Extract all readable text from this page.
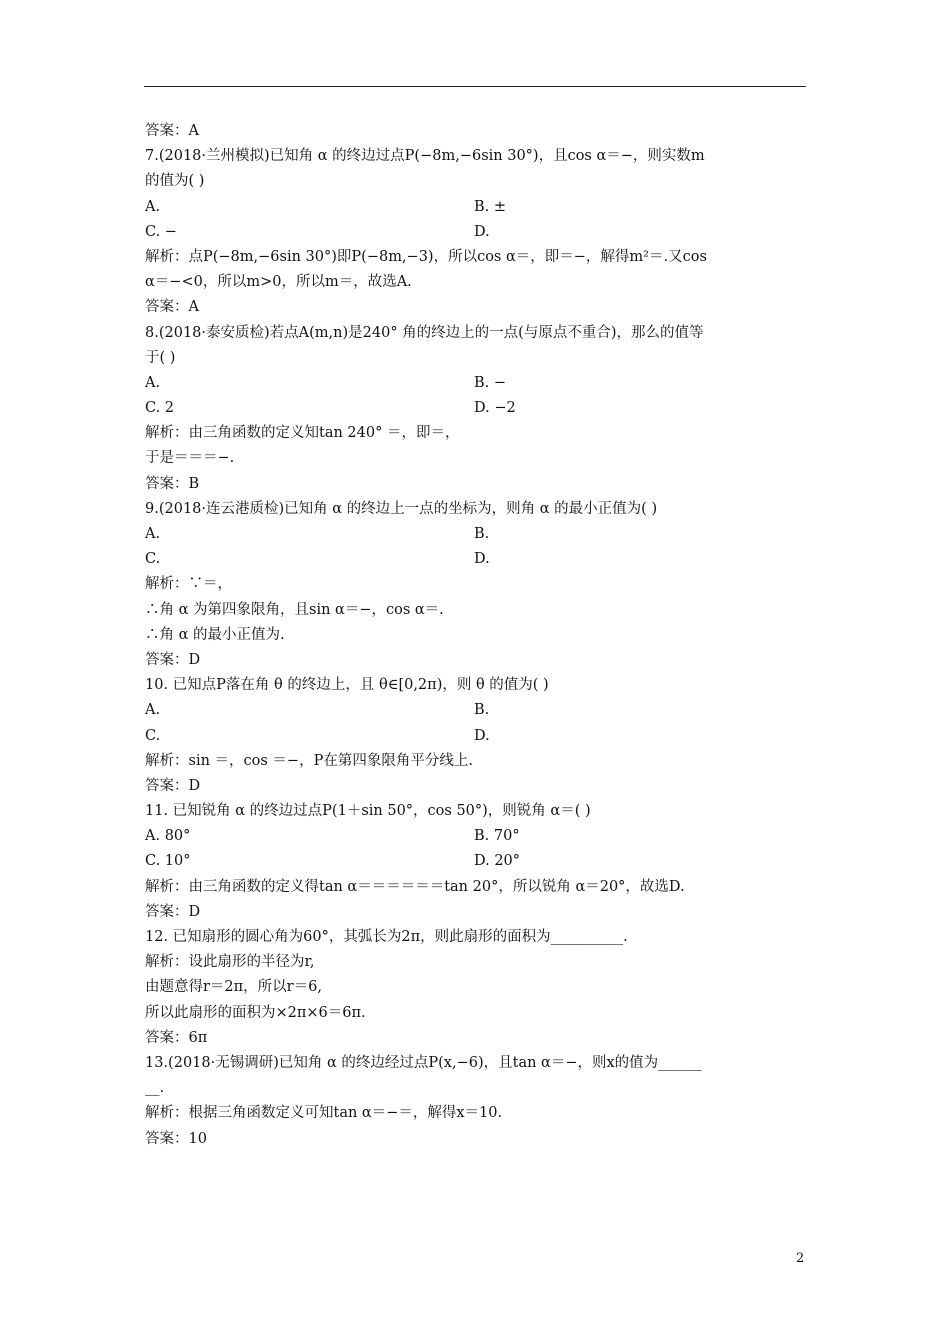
答案：A
7.(2018·兰州模拟)已知角 α 的终边过点P(−8m,−6sin 30°)，且cos α＝−，则实数m
的值为( )
A.	B. ±
C. −	D.
解析：点P(−8m,−6sin 30°)即P(−8m,−3)，所以cos α＝，即＝−，解得m²＝.又cos
α＝−<0，所以m>0，所以m＝，故选A.
答案：A
8.(2018·泰安质检)若点A(m,n)是240° 角的终边上的一点(与原点不重合)，那么的值等
于( )
A.	B. −
C. 2	D. −2
解析：由三角函数的定义知tan 240° ＝，即＝，
于是＝＝＝−.
答案：B
9.(2018·连云港质检)已知角 α 的终边上一点的坐标为，则角 α 的最小正值为( )
A.	B.
C.	D.
解析：∵＝，
∴角 α 为第四象限角，且sin α＝−，cos α＝.
∴角 α 的最小正值为.
答案：D
10. 已知点P落在角 θ 的终边上，且 θ∈[0,2π)，则 θ 的值为( )
A.	B.
C.	D.
解析：sin ＝，cos ＝−，P在第四象限角平分线上.
答案：D
11. 已知锐角 α 的终边过点P(1＋sin 50°，cos 50°)，则锐角 α＝( )
A. 80°	B. 70°
C. 10°	D. 20°
解析：由三角函数的定义得tan α＝＝＝＝＝＝tan 20°，所以锐角 α＝20°，故选D.
答案：D
12. 已知扇形的圆心角为60°，其弧长为2π，则此扇形的面积为__________.
解析：设此扇形的半径为r,
由题意得r＝2π，所以r＝6,
所以此扇形的面积为×2π×6＝6π.
答案：6π
13.(2018·无锡调研)已知角 α 的终边经过点P(x,−6)，且tan α＝−，则x的值为______
__.
解析：根据三角函数定义可知tan α＝−＝，解得x＝10.
答案：10
2
